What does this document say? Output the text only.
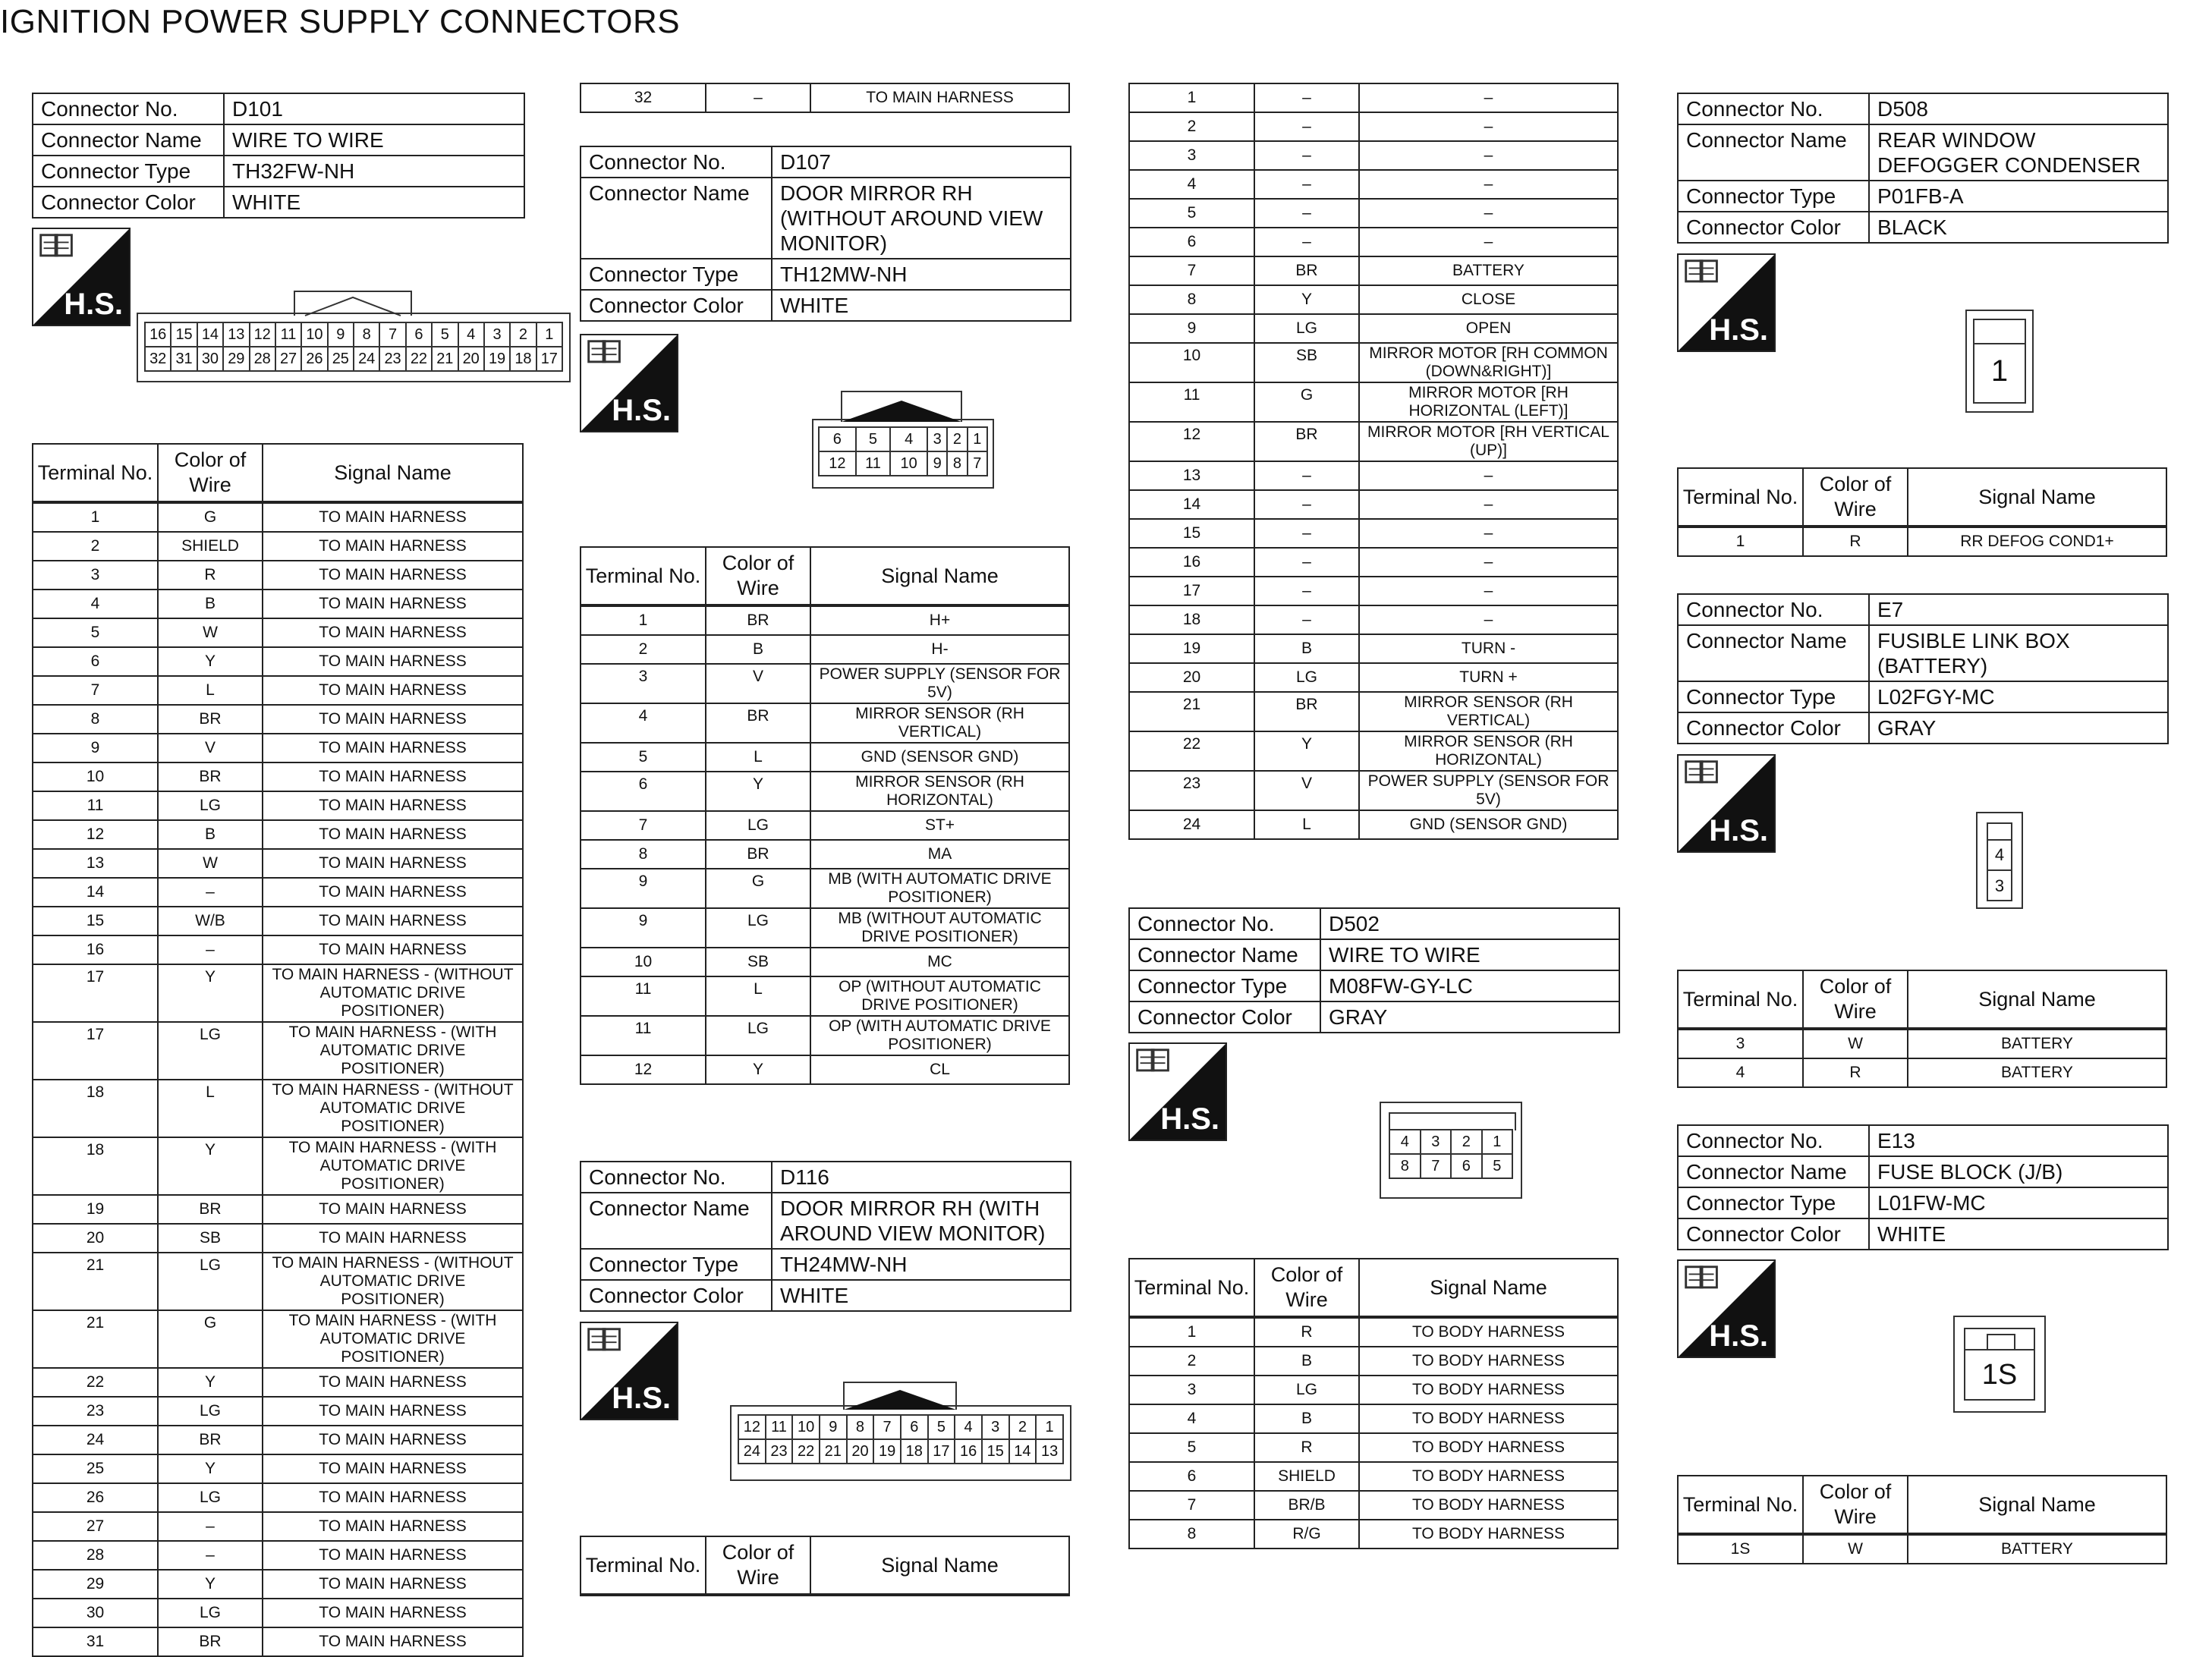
IGNITION POWER SUPPLY CONNECTORS
Connector No.	D101
Connector Name	WIRE TO WIRE
Connector Type	TH32FW-NH
Connector Color	WHITE
H.S.
16	15	14	13	12	11	10	9	8	7	6	5	4	3	2	1
32	31	30	29	28	27	26	25	24	23	22	21	20	19	18	17
Terminal No.	Color of Wire	Signal Name
1	G	TO MAIN HARNESS
2	SHIELD	TO MAIN HARNESS
3	R	TO MAIN HARNESS
4	B	TO MAIN HARNESS
5	W	TO MAIN HARNESS
6	Y	TO MAIN HARNESS
7	L	TO MAIN HARNESS
8	BR	TO MAIN HARNESS
9	V	TO MAIN HARNESS
10	BR	TO MAIN HARNESS
11	LG	TO MAIN HARNESS
12	B	TO MAIN HARNESS
13	W	TO MAIN HARNESS
14	–	TO MAIN HARNESS
15	W/B	TO MAIN HARNESS
16	–	TO MAIN HARNESS
17	Y	TO MAIN HARNESS - (WITHOUT AUTOMATIC DRIVE POSITIONER)
17	LG	TO MAIN HARNESS - (WITH AUTOMATIC DRIVE POSITIONER)
18	L	TO MAIN HARNESS - (WITHOUT AUTOMATIC DRIVE POSITIONER)
18	Y	TO MAIN HARNESS - (WITH AUTOMATIC DRIVE POSITIONER)
19	BR	TO MAIN HARNESS
20	SB	TO MAIN HARNESS
21	LG	TO MAIN HARNESS - (WITHOUT AUTOMATIC DRIVE POSITIONER)
21	G	TO MAIN HARNESS - (WITH AUTOMATIC DRIVE POSITIONER)
22	Y	TO MAIN HARNESS
23	LG	TO MAIN HARNESS
24	BR	TO MAIN HARNESS
25	Y	TO MAIN HARNESS
26	LG	TO MAIN HARNESS
27	–	TO MAIN HARNESS
28	–	TO MAIN HARNESS
29	Y	TO MAIN HARNESS
30	LG	TO MAIN HARNESS
31	BR	TO MAIN HARNESS
32	–	TO MAIN HARNESS
Connector No.	D107
Connector Name	DOOR MIRROR RH (WITHOUT AROUND VIEW MONITOR)
Connector Type	TH12MW-NH
Connector Color	WHITE
H.S.
6	5	4	3	2	1
12	11	10	9	8	7
Terminal No.	Color of Wire	Signal Name
1	BR	H+
2	B	H-
3	V	POWER SUPPLY (SENSOR FOR 5V)
4	BR	MIRROR SENSOR (RH VERTICAL)
5	L	GND (SENSOR GND)
6	Y	MIRROR SENSOR (RH HORIZONTAL)
7	LG	ST+
8	BR	MA
9	G	MB (WITH AUTOMATIC DRIVE POSITIONER)
9	LG	MB (WITHOUT AUTOMATIC DRIVE POSITIONER)
10	SB	MC
11	L	OP (WITHOUT AUTOMATIC DRIVE POSITIONER)
11	LG	OP (WITH AUTOMATIC DRIVE POSITIONER)
12	Y	CL
Connector No.	D116
Connector Name	DOOR MIRROR RH (WITH AROUND VIEW MONITOR)
Connector Type	TH24MW-NH
Connector Color	WHITE
H.S.
12	11	10	9	8	7	6	5	4	3	2	1
24	23	22	21	20	19	18	17	16	15	14	13
Terminal No.	Color of Wire	Signal Name
1	–	–
2	–	–
3	–	–
4	–	–
5	–	–
6	–	–
7	BR	BATTERY
8	Y	CLOSE
9	LG	OPEN
10	SB	MIRROR MOTOR [RH COMMON (DOWN&RIGHT)]
11	G	MIRROR MOTOR [RH HORIZONTAL (LEFT)]
12	BR	MIRROR MOTOR [RH VERTICAL (UP)]
13	–	–
14	–	–
15	–	–
16	–	–
17	–	–
18	–	–
19	B	TURN -
20	LG	TURN +
21	BR	MIRROR SENSOR (RH VERTICAL)
22	Y	MIRROR SENSOR (RH HORIZONTAL)
23	V	POWER SUPPLY (SENSOR FOR 5V)
24	L	GND (SENSOR GND)
Connector No.	D502
Connector Name	WIRE TO WIRE
Connector Type	M08FW-GY-LC
Connector Color	GRAY
H.S.
4	3	2	1
8	7	6	5
Terminal No.	Color of Wire	Signal Name
1	R	TO BODY HARNESS
2	B	TO BODY HARNESS
3	LG	TO BODY HARNESS
4	B	TO BODY HARNESS
5	R	TO BODY HARNESS
6	SHIELD	TO BODY HARNESS
7	BR/B	TO BODY HARNESS
8	R/G	TO BODY HARNESS
Connector No.	D508
Connector Name	REAR WINDOW DEFOGGER CONDENSER
Connector Type	P01FB-A
Connector Color	BLACK
H.S.
1
Terminal No.	Color of Wire	Signal Name
1	R	RR DEFOG COND1+
Connector No.	E7
Connector Name	FUSIBLE LINK BOX (BATTERY)
Connector Type	L02FGY-MC
Connector Color	GRAY
H.S.
4
3
Terminal No.	Color of Wire	Signal Name
3	W	BATTERY
4	R	BATTERY
Connector No.	E13
Connector Name	FUSE BLOCK (J/B)
Connector Type	L01FW-MC
Connector Color	WHITE
H.S.
1S
Terminal No.	Color of Wire	Signal Name
1S	W	BATTERY
